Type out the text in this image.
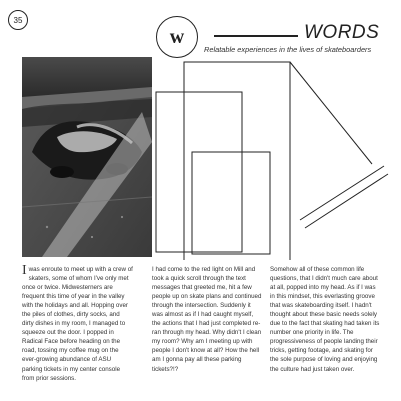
35
w	WORDS
Relatable experiences in the lives of skateboarders
I was enroute to meet up with a crew of skaters, some of whom I've only met once or twice. Midwesterners are frequent this time of year in the valley with the holidays and all. Hopping over the piles of clothes, dirty socks, and dirty dishes in my room, I managed to squeeze out the door. I popped in Radical Face before heading on the road, tossing my coffee mug on the ever-growing abundance of ASU parking tickets in my center console from prior sessions.
I had come to the red light on Mill and took a quick scroll through the text messages that greeted me, hit a few people up on skate plans and continued through the intersection. Suddenly it was almost as if I had caught myself, the actions that I had just completed re-ran through my head. Why didn't I clean my room? Why am I meeting up with people I don't know at all? How the hell am I gonna pay all these parking tickets?!?
Somehow all of these common life questions, that I didn't much care about at all, popped into my head. As if I was in this mindset, this everlasting groove that was skateboarding itself. I hadn't thought about these basic needs solely due to the fact that skating had taken its number one priority in life. The progressiveness of people landing their tricks, getting footage, and skating for the sole purpose of loving and enjoying the culture had just taken over.
